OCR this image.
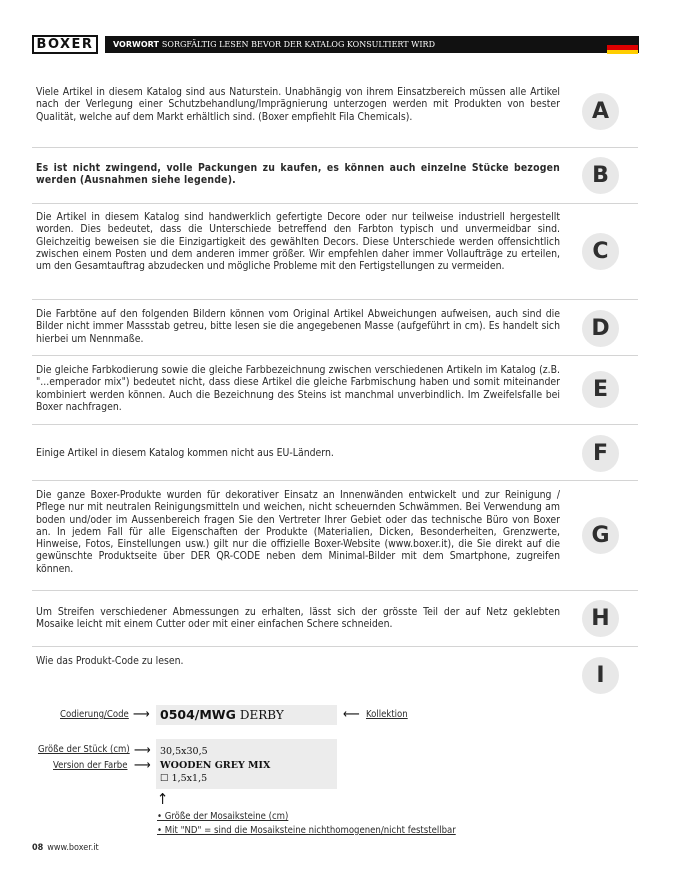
BOXER	VORWORT SORGFÄLTIG LESEN BEVOR DER KATALOG KONSULTIERT WIRD
Viele Artikel in diesem Katalog sind aus Naturstein. Unabhängig von ihrem Einsatzbereich müssen alle Artikel nach der Verlegung einer Schutzbehandlung/Imprägnierung unterzogen werden mit Produkten von bester Qualität, welche auf dem Markt erhältlich sind. (Boxer empfiehlt Fila Chemicals).	A
Es ist nicht zwingend, volle Packungen zu kaufen, es können auch einzelne Stücke bezogen werden (Ausnahmen siehe legende).	B
Die Artikel in diesem Katalog sind handwerklich gefertigte Decore oder nur teilweise industriell hergestellt worden. Dies bedeutet, dass die Unterschiede betreffend den Farbton typisch und unvermeidbar sind. Gleichzeitig beweisen sie die Einzigartigkeit des gewählten Decors. Diese Unterschiede werden offensichtlich zwischen einem Posten und dem anderen immer größer. Wir empfehlen daher immer Vollaufträge zu erteilen, um den Gesamtauftrag abzudecken und mögliche Probleme mit den Fertigstellungen zu vermeiden.
C
Die Farbtöne auf den folgenden Bildern können vom Original Artikel Abweichungen aufweisen, auch sind die Bilder nicht immer Massstab getreu, bitte lesen sie die angegebenen Masse (aufgeführt in cm). Es handelt sich hierbei um Nennmaße.	D
Die gleiche Farbkodierung sowie die gleiche Farbbezeichnung zwischen verschiedenen Artikeln im Katalog (z.B. "...emperador mix") bedeutet nicht, dass diese Artikel die gleiche Farbmischung haben und somit miteinander kombiniert werden können. Auch die Bezeichnung des Steins ist manchmal unverbindlich. Im Zweifelsfalle bei Boxer nachfragen.
E
Einige Artikel in diesem Katalog kommen nicht aus EU-Ländern.	F
Die ganze Boxer-Produkte wurden für dekorativer Einsatz an Innenwänden entwickelt und zur Reinigung / Pflege nur mit neutralen Reinigungsmitteln und weichen, nicht scheuernden Schwämmen. Bei Verwendung am boden und/oder im Aussenbereich fragen Sie den Vertreter Ihrer Gebiet oder das technische Büro von Boxer an. In jedem Fall für alle Eigenschaften der Produkte (Materialien, Dicken, Besonderheiten, Grenzwerte, Hinweise, Fotos, Einstellungen usw.) gilt nur die offizielle Boxer-Website (www.boxer.it), die Sie direkt auf die gewünschte Produktseite über DER QR-CODE neben dem Minimal-Bilder mit dem Smartphone, zugreifen können.
G
Um Streifen verschiedener Abmessungen zu erhalten, lässt sich der grösste Teil der auf Netz geklebten Mosaike leicht mit einem Cutter oder mit einer einfachen Schere schneiden.	H
Wie das Produkt-Code zu lesen.
I
Codierung/Code ⟶ 0504/MWG DERBY	⟵ Kollektion
Größe der Stück (cm) ⟶ 30,5x30,5
Version der Farbe ⟶ WOODEN GREY MIX
☐ 1,5x1,5
↑
• Größe der Mosaiksteine (cm)
• Mit "ND" = sind die Mosaiksteine nichthomogenen/nicht feststellbar
08 www.boxer.it
